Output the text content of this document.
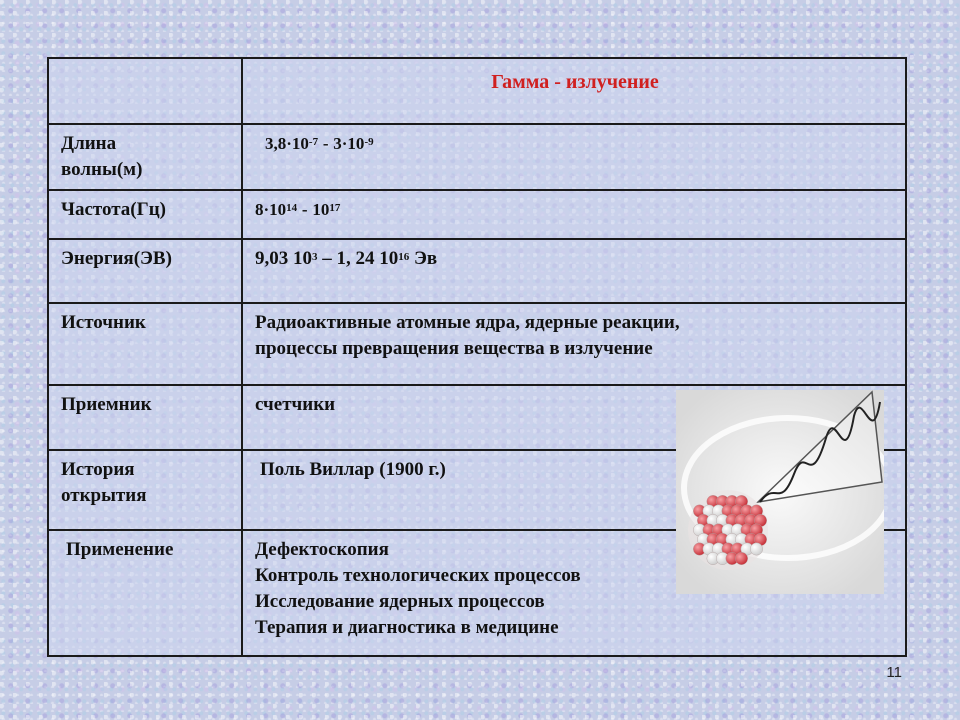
	Гамма - излучение

Длина
волны(м)	$3,8\cdot 10^{-7} - 3\cdot 10^{-9}$
Частота(Гц)	$8\cdot 10^{14} - 10^{17}$
Энергия(ЭВ)	9,03 $10^3 - 1$, 24 $10^{16}$ Эв
Источник	Радиоактивные атомные ядра, ядерные реакции,
процессы превращения вещества в излучение

Приемник	счетчики

История
открытия	Поль Виллар (1900 г.)
Применение	Дефектоскопия
Контроль технологических процессов
Исследование ядерных процессов
Терапия и диагностика в медицине
11
